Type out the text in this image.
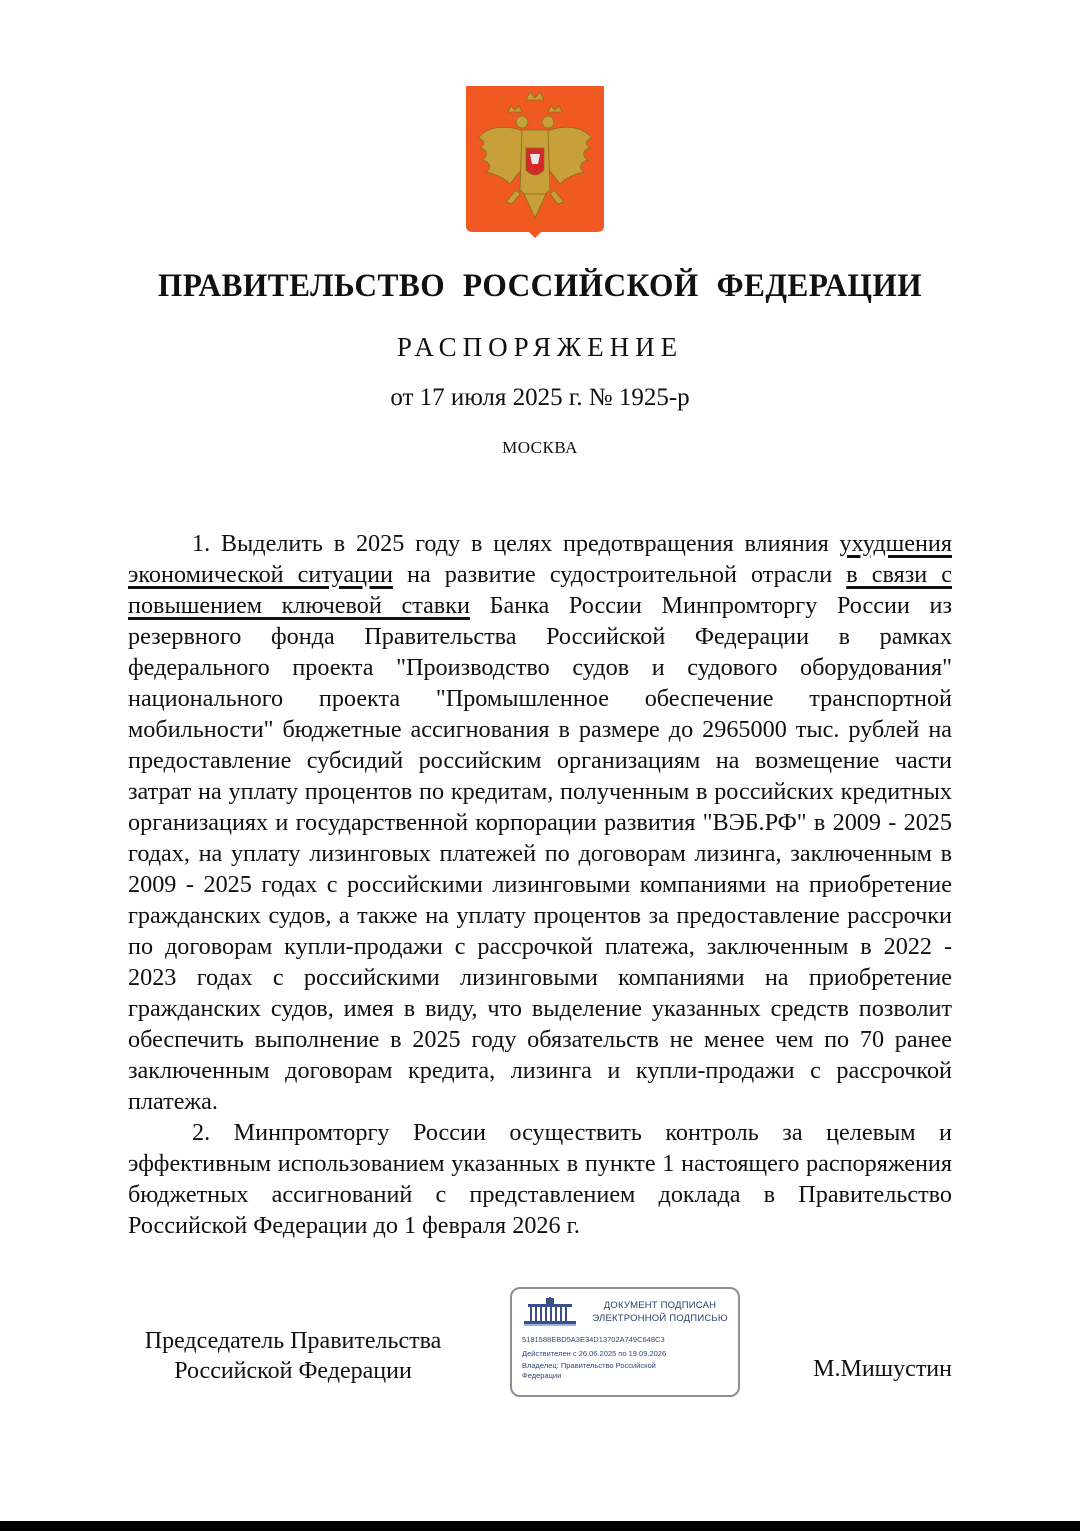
ПРАВИТЕЛЬСТВО РОССИЙСКОЙ ФЕДЕРАЦИИ
РАСПОРЯЖЕНИЕ
от 17 июля 2025 г. № 1925-р
МОСКВА

1. Выделить в 2025 году в целях предотвращения влияния ухудшения экономической ситуации на развитие судостроительной отрасли в связи с повышением ключевой ставки Банка России Минпромторгу России из резервного фонда Правительства Российской Федерации в рамках федерального проекта "Производство судов и судового оборудования" национального проекта "Промышленное обеспечение транспортной мобильности" бюджетные ассигнования в размере до 2965000 тыс. рублей на предоставление субсидий российским организациям на возмещение части затрат на уплату процентов по кредитам, полученным в российских кредитных организациях и государственной корпорации развития "ВЭБ.РФ" в 2009 - 2025 годах, на уплату лизинговых платежей по договорам лизинга, заключенным в 2009 - 2025 годах с российскими лизинговыми компаниями на приобретение гражданских судов, а также на уплату процентов за предоставление рассрочки по договорам купли-продажи с рассрочкой платежа, заключенным в 2022 - 2023 годах с российскими лизинговыми компаниями на приобретение гражданских судов, имея в виду, что выделение указанных средств позволит обеспечить выполнение в 2025 году обязательств не менее чем по 70 ранее заключенным договорам кредита, лизинга и купли-продажи с рассрочкой платежа.

2. Минпромторгу России осуществить контроль за целевым и эффективным использованием указанных в пункте 1 настоящего распоряжения бюджетных ассигнований с представлением доклада в Правительство Российской Федерации до 1 февраля 2026 г.

Председатель Правительства
Российской Федерации
ДОКУМЕНТ ПОДПИСАН
ЭЛЕКТРОННОЙ ПОДПИСЬЮ
5181588EBD5A3E34D13702A749C648C3
Действителен с 26.06.2025 по 19.09.2026
Владелец: Правительство Российской
Федерации	М.Мишустин
